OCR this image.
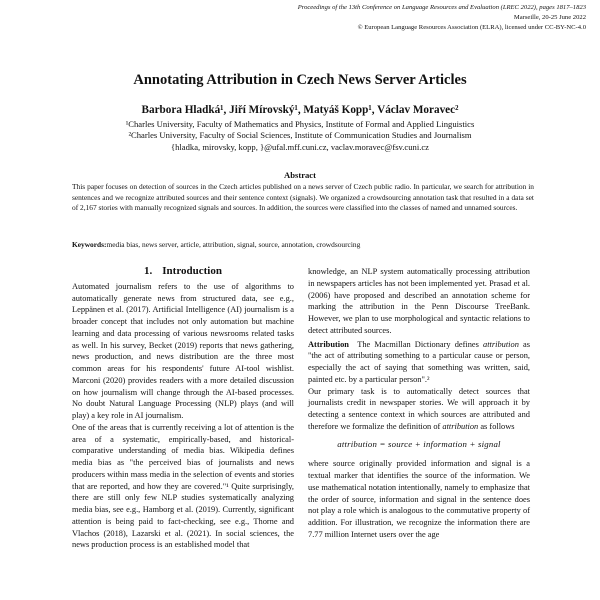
Proceedings of the 13th Conference on Language Resources and Evaluation (LREC 2022), pages 1817–1823
Marseille, 20-25 June 2022
© European Language Resources Association (ELRA), licensed under CC-BY-NC-4.0
Annotating Attribution in Czech News Server Articles
Barbora Hladká¹, Jiří Mírovský¹, Matyáš Kopp¹, Václav Moravec²
¹Charles University, Faculty of Mathematics and Physics, Institute of Formal and Applied Linguistics
²Charles University, Faculty of Social Sciences, Institute of Communication Studies and Journalism
{hladka, mirovsky, kopp, }@ufal.mff.cuni.cz, vaclav.moravec@fsv.cuni.cz
Abstract
This paper focuses on detection of sources in the Czech articles published on a news server of Czech public radio. In particular, we search for attribution in sentences and we recognize attributed sources and their sentence context (signals). We organized a crowdsourcing annotation task that resulted in a data set of 2,167 stories with manually recognized signals and sources. In addition, the sources were classified into the classes of named and unnamed sources.
Keywords:media bias, news server, article, attribution, signal, source, annotation, crowdsourcing
1. Introduction

Automated journalism refers to the use of algorithms to automatically generate news from structured data, see e.g., Leppänen et al. (2017). Artificial Intelligence (AI) journalism is a broader concept that includes not only automation but machine learning and data processing of various newsrooms related tasks as well. In his survey, Becket (2019) reports that news gathering, news production, and news distribution are the three most common areas for his respondents' future AI-tool wishlist. Marconi (2020) provides readers with a more detailed discussion on how journalism will change through the AI-based processes. No doubt Natural Language Processing (NLP) plays (and will play) a key role in AI journalism.

One of the areas that is currently receiving a lot of attention is the area of a systematic, empirically-based, and historical-comparative understanding of media bias. Wikipedia defines media bias as "the perceived bias of journalists and news producers within mass media in the selection of events and stories that are reported, and how they are covered."¹ Quite surprisingly, there are still only few NLP studies systematically analyzing media bias, see e.g., Hamborg et al. (2019). Currently, significant attention is being paid to fact-checking, see e.g., Thorne and Vlachos (2018), Lazarski et al. (2021). In social sciences, the news production process is an established model that

knowledge, an NLP system automatically processing attribution in newspapers articles has not been implemented yet. Prasad et al. (2006) have proposed and described an annotation scheme for marking the attribution in the Penn Discourse TreeBank. However, we plan to use morphological and syntactic relations to detect attributed sources.

Attribution The Macmillan Dictionary defines attribution as "the act of attributing something to a particular cause or person, especially the act of saying that something was written, said, painted etc. by a particular person".²

Our primary task is to automatically detect sources that journalists credit in newspaper stories. We will approach it by detecting a sentence context in which sources are attributed and therefore we formalize the definition of attribution as follows

attribution = source + information + signal

where source originally provided information and signal is a textual marker that identifies the source of the information. We use mathematical notation intentionally, namely to emphasize that the order of source, information and signal in the sentence does not play a role which is analogous to the commutative property of addition. For illustration, we recognize the information there are 7.77 million Internet users over the age
